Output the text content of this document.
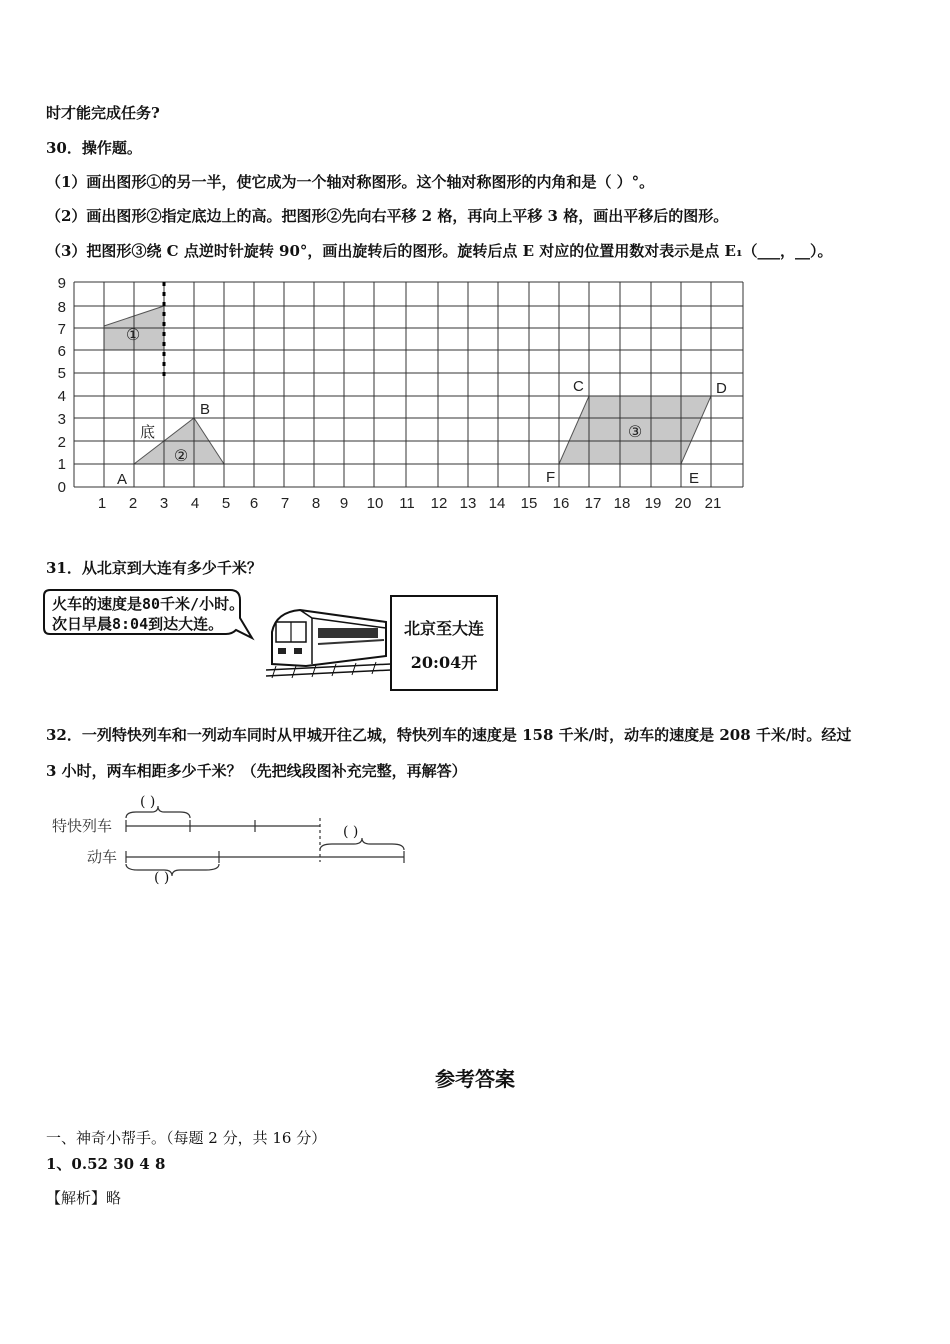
时才能完成任务?
30．操作题。
（1）画出图形①的另一半，使它成为一个轴对称图形。这个轴对称图形的内角和是（ ）°。
（2）画出图形②指定底边上的高。把图形②先向右平移 2 格，再向上平移 3 格，画出平移后的图形。
（3）把图形③绕 C 点逆时针旋转 90°，画出旋转后的图形。旋转后点 E 对应的位置用数对表示是点 E₁（___，__）。
0
1
2
3
4
5
6
7
8
9
1 2 3 4 5 6 7 8 9 10 11 12 13 14 15 16 17 18 19 20 21
①
②
③
A
B
底
C	D
E
F
31．从北京到大连有多少千米？
火车的速度是80千米/小时。
次日早晨8:04到达大连。	北京至大连
20:04开
32．一列特快列车和一列动车同时从甲城开往乙城，特快列车的速度是 158 千米/时，动车的速度是 208 千米/时。经过
3 小时，两车相距多少千米？（先把线段图补充完整，再解答）
( )
特快列车	( )
动车
( )
参考答案
一、神奇小帮手。（每题 2 分，共 16 分）
1、0.52 30 4 8
【解析】略
